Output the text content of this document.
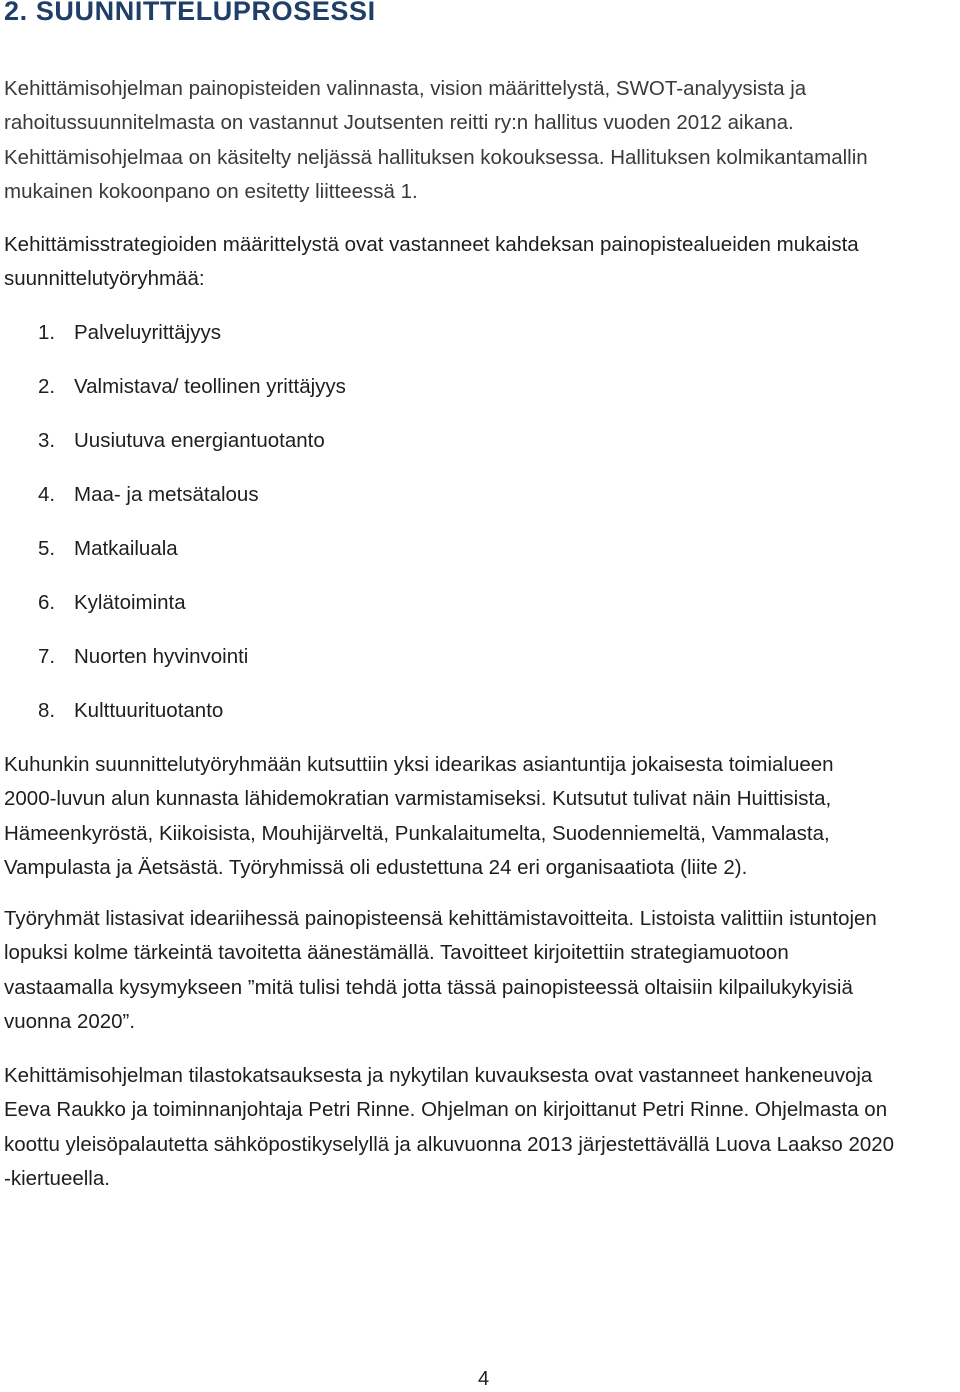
2. SUUNNITTELUPROSESSI

Kehittämisohjelman painopisteiden valinnasta, vision määrittelystä, SWOT-analyysista ja
rahoitussuunnitelmasta on vastannut Joutsenten reitti ry:n hallitus vuoden 2012 aikana.
Kehittämisohjelmaa on käsitelty neljässä hallituksen kokouksessa. Hallituksen kolmikantamallin
mukainen kokoonpano on esitetty liitteessä 1.

Kehittämisstrategioiden määrittelystä ovat vastanneet kahdeksan painopistealueiden mukaista
suunnittelutyöryhmää:

1. Palveluyrittäjyys
2. Valmistava/ teollinen yrittäjyys
3. Uusiutuva energiantuotanto
4. Maa- ja metsätalous
5. Matkailuala
6. Kylätoiminta
7. Nuorten hyvinvointi
8. Kulttuurituotanto

Kuhunkin suunnittelutyöryhmään kutsuttiin yksi idearikas asiantuntija jokaisesta toimialueen
2000-luvun alun kunnasta lähidemokratian varmistamiseksi. Kutsutut tulivat näin Huittisista,
Hämeenkyröstä, Kiikoisista, Mouhijärveltä, Punkalaitumelta, Suodenniemeltä, Vammalasta,
Vampulasta ja Äetsästä. Työryhmissä oli edustettuna 24 eri organisaatiota (liite 2).

Työryhmät listasivat ideariihessä painopisteensä kehittämistavoitteita. Listoista valittiin istuntojen
lopuksi kolme tärkeintä tavoitetta äänestämällä. Tavoitteet kirjoitettiin strategiamuotoon
vastaamalla kysymykseen ”mitä tulisi tehdä jotta tässä painopisteessä oltaisiin kilpailukykyisiä
vuonna 2020”.

Kehittämisohjelman tilastokatsauksesta ja nykytilan kuvauksesta ovat vastanneet hankeneuvoja
Eeva Raukko ja toiminnanjohtaja Petri Rinne. Ohjelman on kirjoittanut Petri Rinne. Ohjelmasta on
koottu yleisöpalautetta sähköpostikyselyllä ja alkuvuonna 2013 järjestettävällä Luova Laakso 2020
-kiertueella.

4
